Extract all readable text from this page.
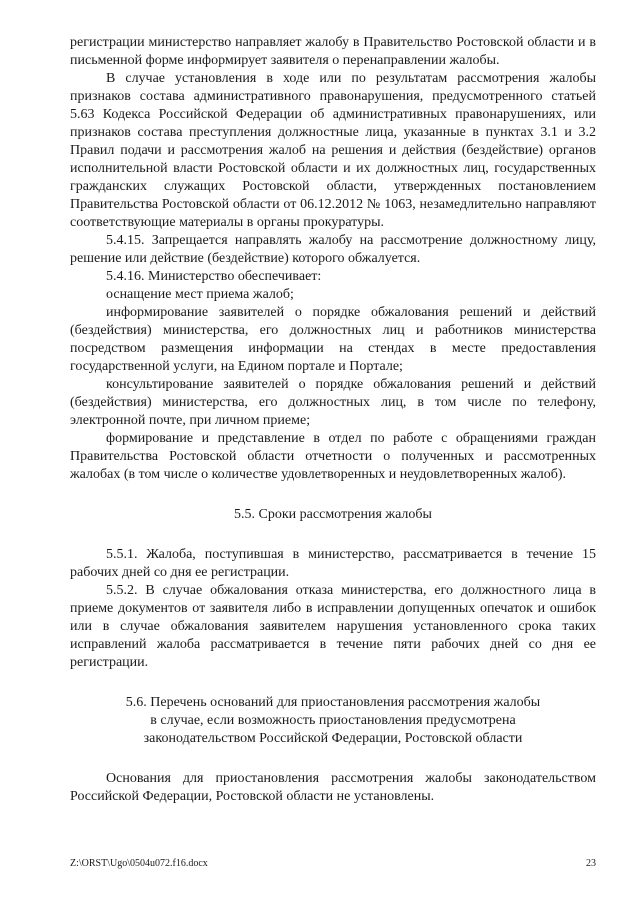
регистрации министерство направляет жалобу в Правительство Ростовской области и в письменной форме информирует заявителя о перенаправлении жалобы.

В случае установления в ходе или по результатам рассмотрения жалобы признаков состава административного правонарушения, предусмотренного статьей 5.63 Кодекса Российской Федерации об административных правонарушениях, или признаков состава преступления должностные лица, указанные в пунктах 3.1 и 3.2 Правил подачи и рассмотрения жалоб на решения и действия (бездействие) органов исполнительной власти Ростовской области и их должностных лиц, государственных гражданских служащих Ростовской области, утвержденных постановлением Правительства Ростовской области от 06.12.2012 № 1063, незамедлительно направляют соответствующие материалы в органы прокуратуры.

5.4.15. Запрещается направлять жалобу на рассмотрение должностному лицу, решение или действие (бездействие) которого обжалуется.

5.4.16. Министерство обеспечивает:

оснащение мест приема жалоб;

информирование заявителей о порядке обжалования решений и действий (бездействия) министерства, его должностных лиц и работников министерства посредством размещения информации на стендах в месте предоставления государственной услуги, на Едином портале и Портале;

консультирование заявителей о порядке обжалования решений и действий (бездействия) министерства, его должностных лиц, в том числе по телефону, электронной почте, при личном приеме;

формирование и представление в отдел по работе с обращениями граждан Правительства Ростовской области отчетности о полученных и рассмотренных жалобах (в том числе о количестве удовлетворенных и неудовлетворенных жалоб).

5.5. Сроки рассмотрения жалобы

5.5.1. Жалоба, поступившая в министерство, рассматривается в течение 15 рабочих дней со дня ее регистрации.

5.5.2. В случае обжалования отказа министерства, его должностного лица в приеме документов от заявителя либо в исправлении допущенных опечаток и ошибок или в случае обжалования заявителем нарушения установленного срока таких исправлений жалоба рассматривается в течение пяти рабочих дней со дня ее регистрации.

5.6. Перечень оснований для приостановления рассмотрения жалобы

в случае, если возможность приостановления предусмотрена

законодательством Российской Федерации, Ростовской области

Основания для приостановления рассмотрения жалобы законодательством Российской Федерации, Ростовской области не установлены.

Z:\ORST\Ugo\0504u072.f16.docx	23
